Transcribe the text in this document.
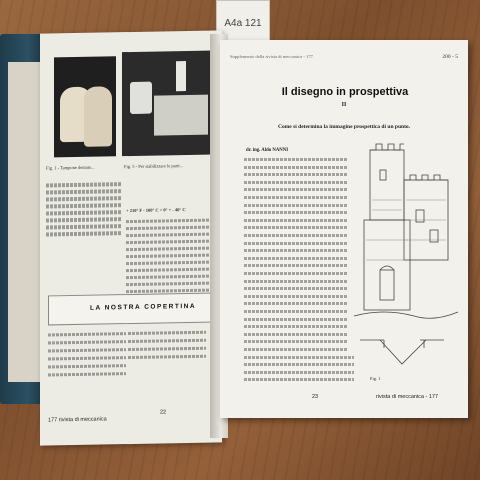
A4a 121
Fig. 1 - Tampone dentato...	Fig. 5 - Per stabilizzare le parti...
+ 210° F - 100° C + 0° + - 40° C
LA NOSTRA COPERTINA
177 rivista di meccanica
22
Supplemento della rivista di meccanica - 177	200 - 5
Il disegno in prospettiva
II
Come si determina la immagine prospettica di un punto.
dr. ing. Aldo NANNI
Fig. 1
23	rivista di meccanica - 177
